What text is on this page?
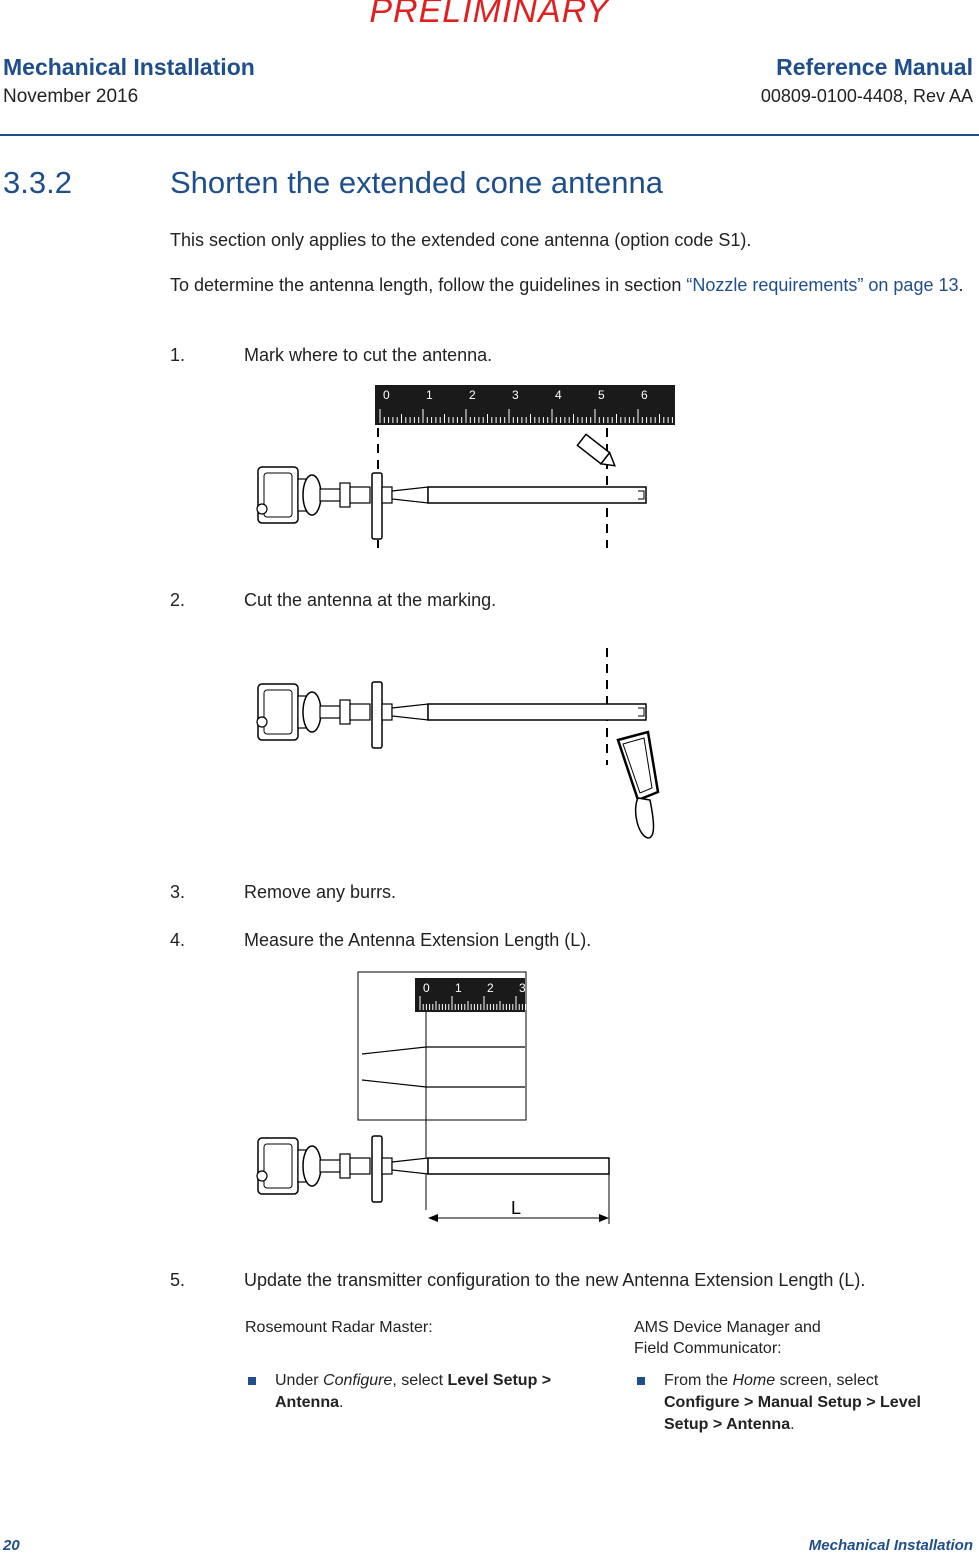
PRELIMINARY
Mechanical Installation
November 2016
Reference Manual
00809-0100-4408, Rev AA
3.3.2	Shorten the extended cone antenna
This section only applies to the extended cone antenna (option code S1).
To determine the antenna length, follow the guidelines in section “Nozzle requirements” on page 13.
1.	Mark where to cut the antenna.
0	1	2	3	4	5	6
2.	Cut the antenna at the marking.
3.	Remove any burrs.
4.	Measure the Antenna Extension Length (L).
0 1 2 3
L
5.	Update the transmitter configuration to the new Antenna Extension Length (L).
Rosemount Radar Master:	AMS Device Manager and
Field Communicator:
Under Configure, select Level Setup > Antenna.
From the Home screen, select Configure > Manual Setup > Level Setup > Antenna.
20	Mechanical Installation
